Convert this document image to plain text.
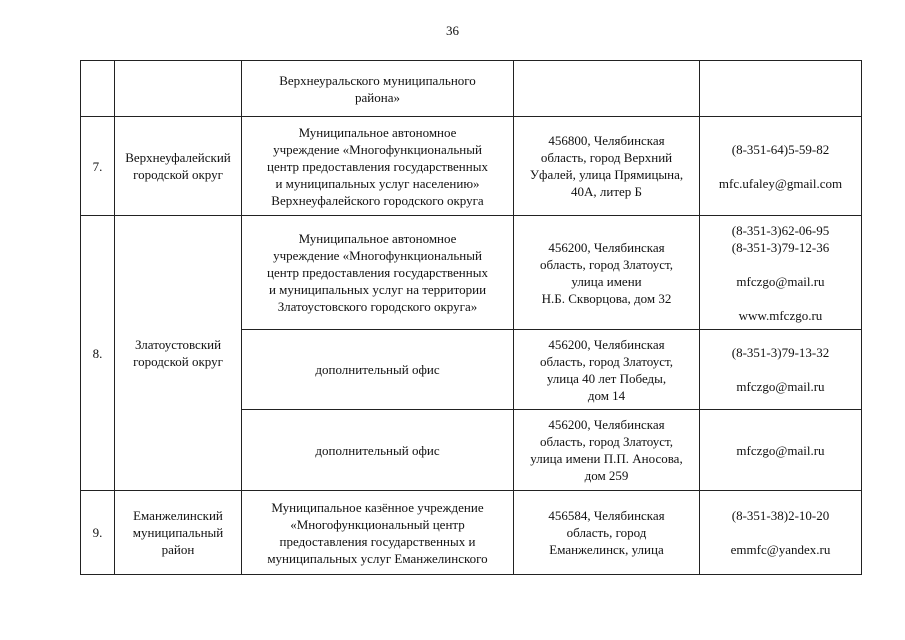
36

		Верхнеуральского муниципального
района»		

7.	Верхнеуфалейский
городской округ	Муниципальное автономное
учреждение «Многофункциональный
центр предоставления государственных
и муниципальных услуг населению»
Верхнеуфалейского городского округа	456800, Челябинская
область, город Верхний
Уфалей, улица Прямицына,
40А, литер Б	(8-351-64)5-59-82
mfc.ufaley@gmail.com

8.	Златоустовский
городской округ	Муниципальное автономное
учреждение «Многофункциональный
центр предоставления государственных
и муниципальных услуг на территории
Златоустовского городского округа»	456200, Челябинская
область, город Златоуст,
улица имени
Н.Б. Скворцова, дом 32	(8-351-3)62-06-95
(8-351-3)79-12-36
mfczgo@mail.ru
www.mfczgo.ru

		дополнительный офис	456200, Челябинская
область, город Златоуст,
улица 40 лет Победы,
дом 14	(8-351-3)79-13-32
mfczgo@mail.ru

		дополнительный офис	456200, Челябинская
область, город Златоуст,
улица имени П.П. Аносова,
дом 259	mfczgo@mail.ru

9.	Еманжелинский
муниципальный
район	Муниципальное казённое учреждение
«Многофункциональный центр
предоставления государственных и
муниципальных услуг Еманжелинского	456584, Челябинская
область, город
Еманжелинск, улица	(8-351-38)2-10-20
emmfc@yandex.ru
